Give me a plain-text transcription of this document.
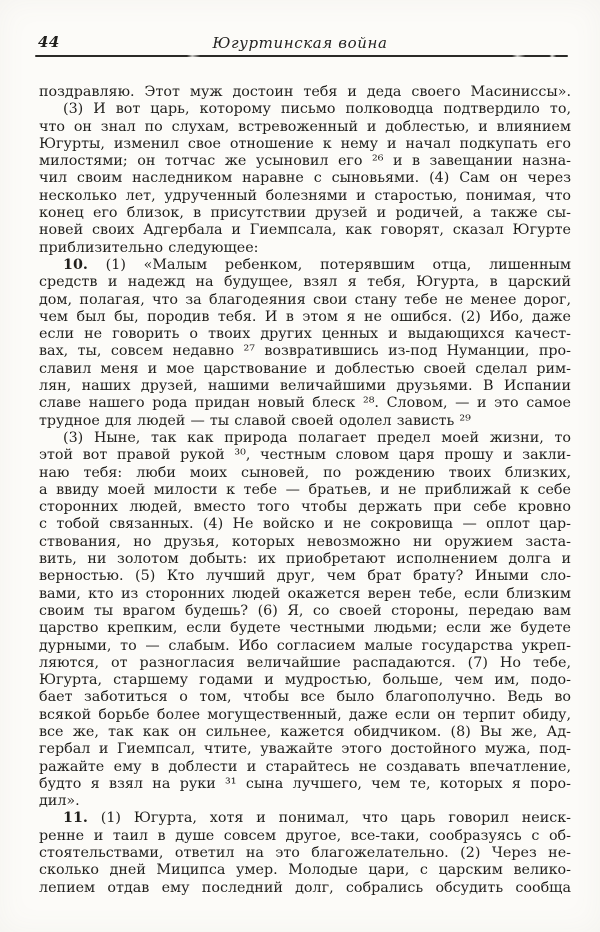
44	Югуртинская война
поздравляю. Этот муж достоин тебя и деда своего Масиниссы».
(3) И вот царь, которому письмо полководца подтвердило то,
что он знал по слухам, встревоженный и доблестью, и влиянием
Югурты, изменил свое отношение к нему и начал подкупать его
милостями; он тотчас же усыновил его ²⁶ и в завещании назна-
чил своим наследником наравне с сыновьями. (4) Сам он через
несколько лет, удрученный болезнями и старостью, понимая, что
конец его близок, в присутствии друзей и родичей, а также сы-
новей своих Адгербала и Гиемпсала, как говорят, сказал Югурте
приблизительно следующее:
10. (1) «Малым ребенком, потерявшим отца, лишенным
средств и надежд на будущее, взял я тебя, Югурта, в царский
дом, полагая, что за благодеяния свои стану тебе не менее дорог,
чем был бы, породив тебя. И в этом я не ошибся. (2) Ибо, даже
если не говорить о твоих других ценных и выдающихся качест-
вах, ты, совсем недавно ²⁷ возвратившись из-под Нуманции, про-
славил меня и мое царствование и доблестью своей сделал рим-
лян, наших друзей, нашими величайшими друзьями. В Испании
славе нашего рода придан новый блеск ²⁸. Словом, — и это самое
трудное для людей — ты славой своей одолел зависть ²⁹
(3) Ныне, так как природа полагает предел моей жизни, то
этой вот правой рукой ³⁰, честным словом царя прошу и закли-
наю тебя: люби моих сыновей, по рождению твоих близких,
а ввиду моей милости к тебе — братьев, и не приближай к себе
сторонних людей, вместо того чтобы держать при себе кровно
с тобой связанных. (4) Не войско и не сокровища — оплот цар-
ствования, но друзья, которых невозможно ни оружием заста-
вить, ни золотом добыть: их приобретают исполнением долга и
верностью. (5) Кто лучший друг, чем брат брату? Иными сло-
вами, кто из сторонних людей окажется верен тебе, если близким
своим ты врагом будешь? (6) Я, со своей стороны, передаю вам
царство крепким, если будете честными людьми; если же будете
дурными, то — слабым. Ибо согласием малые государства укреп-
ляются, от разногласия величайшие распадаются. (7) Но тебе,
Югурта, старшему годами и мудростью, больше, чем им, подо-
бает заботиться о том, чтобы все было благополучно. Ведь во
всякой борьбе более могущественный, даже если он терпит обиду,
все же, так как он сильнее, кажется обидчиком. (8) Вы же, Ад-
гербал и Гиемпсал, чтите, уважайте этого достойного мужа, под-
ражайте ему в доблести и старайтесь не создавать впечатление,
будто я взял на руки ³¹ сына лучшего, чем те, которых я поро-
дил».
11. (1) Югурта, хотя и понимал, что царь говорил неиск-
ренне и таил в душе совсем другое, все-таки, сообразуясь с об-
стоятельствами, ответил на это благожелательно. (2) Через не-
сколько дней Миципса умер. Молодые цари, с царским велико-
лепием отдав ему последний долг, собрались обсудить сообща
